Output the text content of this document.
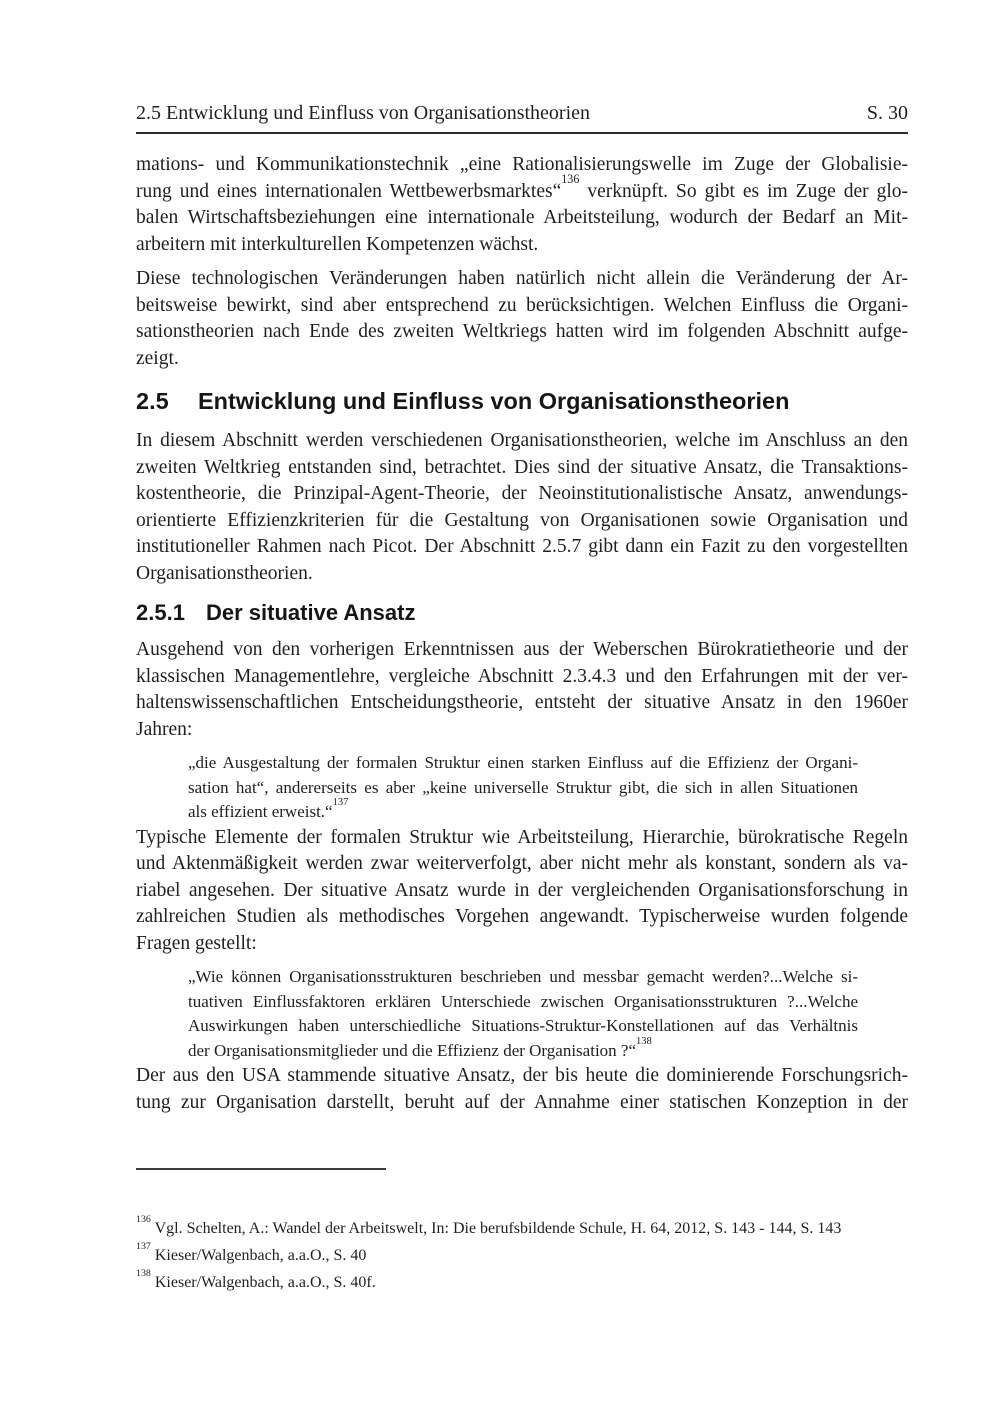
2.5 Entwicklung und Einfluss von Organisationstheorien	S. 30
mations- und Kommunikationstechnik „eine Rationalisierungswelle im Zuge der Globalisie-
rung und eines internationalen Wettbewerbsmarktes“$^{136}$ verknüpft. So gibt es im Zuge der glo-
balen Wirtschaftsbeziehungen eine internationale Arbeitsteilung, wodurch der Bedarf an Mit-
arbeitern mit interkulturellen Kompetenzen wächst.
Diese technologischen Veränderungen haben natürlich nicht allein die Veränderung der Ar-
beitsweise bewirkt, sind aber entsprechend zu berücksichtigen. Welchen Einfluss die Organi-
sationstheorien nach Ende des zweiten Weltkriegs hatten wird im folgenden Abschnitt aufge-
zeigt.
2.5	Entwicklung und Einfluss von Organisationstheorien
In diesem Abschnitt werden verschiedenen Organisationstheorien, welche im Anschluss an den
zweiten Weltkrieg entstanden sind, betrachtet. Dies sind der situative Ansatz, die Transaktions-
kostentheorie, die Prinzipal-Agent-Theorie, der Neoinstitutionalistische Ansatz, anwendungs-
orientierte Effizienzkriterien für die Gestaltung von Organisationen sowie Organisation und
institutioneller Rahmen nach Picot. Der Abschnitt 2.5.7 gibt dann ein Fazit zu den vorgestellten
Organisationstheorien.
2.5.1 Der situative Ansatz
Ausgehend von den vorherigen Erkenntnissen aus der Weberschen Bürokratietheorie und der
klassischen Managementlehre, vergleiche Abschnitt 2.3.4.3 und den Erfahrungen mit der ver-
haltenswissenschaftlichen Entscheidungstheorie, entsteht der situative Ansatz in den 1960er
Jahren:
„die Ausgestaltung der formalen Struktur einen starken Einfluss auf die Effizienz der Organi-
sation hat“, andererseits es aber „keine universelle Struktur gibt, die sich in allen Situationen
als effizient erweist.“$^{137}$
Typische Elemente der formalen Struktur wie Arbeitsteilung, Hierarchie, bürokratische Regeln
und Aktenmäßigkeit werden zwar weiterverfolgt, aber nicht mehr als konstant, sondern als va-
riabel angesehen. Der situative Ansatz wurde in der vergleichenden Organisationsforschung in
zahlreichen Studien als methodisches Vorgehen angewandt. Typischerweise wurden folgende
Fragen gestellt:
„Wie können Organisationsstrukturen beschrieben und messbar gemacht werden?...Welche si-
tuativen Einflussfaktoren erklären Unterschiede zwischen Organisationsstrukturen ?...Welche
Auswirkungen haben unterschiedliche Situations-Struktur-Konstellationen auf das Verhältnis
der Organisationsmitglieder und die Effizienz der Organisation ?“$^{138}$
Der aus den USA stammende situative Ansatz, der bis heute die dominierende Forschungsrich-
tung zur Organisation darstellt, beruht auf der Annahme einer statischen Konzeption in der
$^{136}$ Vgl. Schelten, A.: Wandel der Arbeitswelt, In: Die berufsbildende Schule, H. 64, 2012, S. 143 - 144, S. 143
$^{137}$ Kieser/Walgenbach, a.a.O., S. 40
$^{138}$ Kieser/Walgenbach, a.a.O., S. 40f.
